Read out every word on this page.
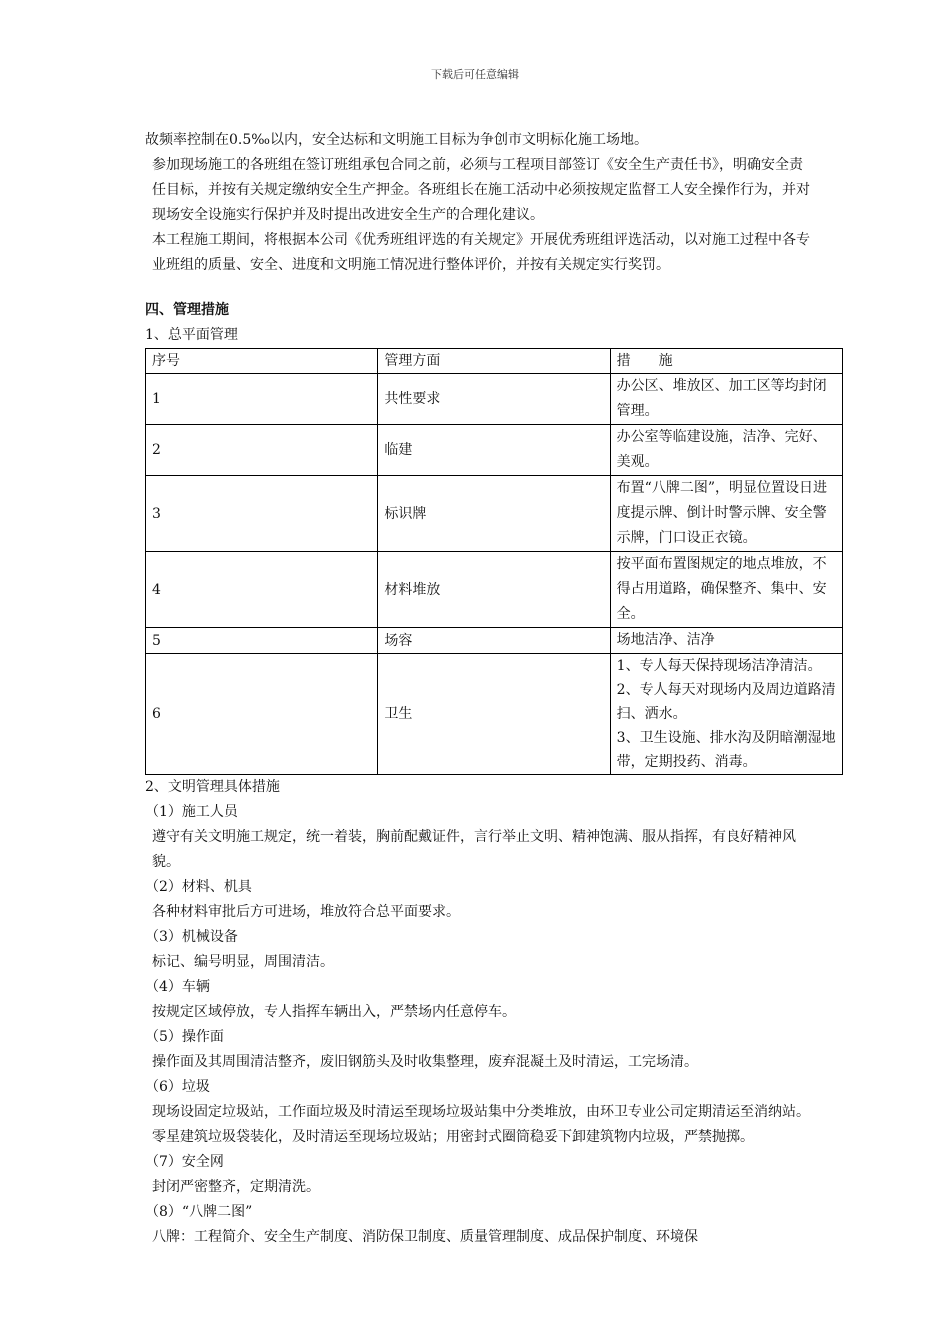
下载后可任意编辑

故频率控制在0.5‰以内，安全达标和文明施工目标为争创市文明标化施工场地。

参加现场施工的各班组在签订班组承包合同之前，必须与工程项目部签订《安全生产责任书》，明确安全责任目标，并按有关规定缴纳安全生产押金。各班组长在施工活动中必须按规定监督工人安全操作行为，并对现场安全设施实行保护并及时提出改进安全生产的合理化建议。

本工程施工期间，将根据本公司《优秀班组评选的有关规定》开展优秀班组评选活动，以对施工过程中各专业班组的质量、安全、进度和文明施工情况进行整体评价，并按有关规定实行奖罚。

四、管理措施

1、总平面管理

序号	管理方面	措　　施
1	共性要求	办公区、堆放区、加工区等均封闭管理。

2	临建	办公室等临建设施，洁净、完好、美观。

3	标识牌	布置“八牌二图”，明显位置设日进度提示牌、倒计时警示牌、安全警示牌，门口设正衣镜。

4	材料堆放	按平面布置图规定的地点堆放，不得占用道路，确保整齐、集中、安全。

5	场容	场地洁净、洁净

6	卫生	1、专人每天保持现场洁净清洁。
2、专人每天对现场内及周边道路清扫、洒水。
3、卫生设施、排水沟及阴暗潮湿地带，定期投药、消毒。

2、文明管理具体措施

（1）施工人员

遵守有关文明施工规定，统一着装，胸前配戴证件，言行举止文明、精神饱满、服从指挥，有良好精神风貌。

（2）材料、机具

各种材料审批后方可进场，堆放符合总平面要求。

（3）机械设备

标记、编号明显，周围清洁。

（4）车辆

按规定区域停放，专人指挥车辆出入，严禁场内任意停车。

（5）操作面

操作面及其周围清洁整齐，废旧钢筋头及时收集整理，废弃混凝土及时清运，工完场清。

（6）垃圾

现场设固定垃圾站，工作面垃圾及时清运至现场垃圾站集中分类堆放，由环卫专业公司定期清运至消纳站。

零星建筑垃圾袋装化，及时清运至现场垃圾站；用密封式圈筒稳妥下卸建筑物内垃圾，严禁抛掷。

（7）安全网

封闭严密整齐，定期清洗。

（8）“八牌二图”

八牌：工程简介、安全生产制度、消防保卫制度、质量管理制度、成品保护制度、环境保
